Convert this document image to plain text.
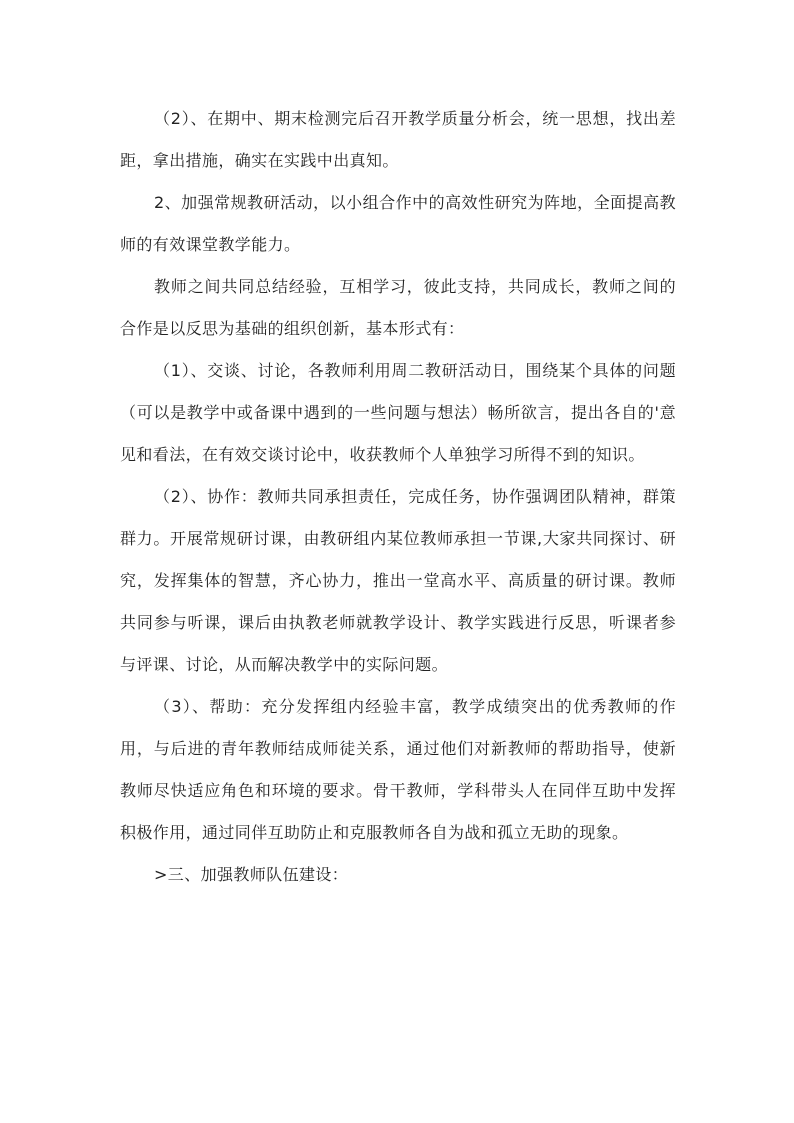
（2）、在期中、期末检测完后召开教学质量分析会，统一思想，找出差距，拿出措施，确实在实践中出真知。

2、加强常规教研活动，以小组合作中的高效性研究为阵地，全面提高教师的有效课堂教学能力。

教师之间共同总结经验，互相学习，彼此支持，共同成长，教师之间的合作是以反思为基础的组织创新，基本形式有：

（1）、交谈、讨论，各教师利用周二教研活动日，围绕某个具体的问题（可以是教学中或备课中遇到的一些问题与想法）畅所欲言，提出各自的'意见和看法，在有效交谈讨论中，收获教师个人单独学习所得不到的知识。

（2）、协作：教师共同承担责任，完成任务，协作强调团队精神，群策群力。开展常规研讨课，由教研组内某位教师承担一节课,大家共同探讨、研究，发挥集体的智慧，齐心协力，推出一堂高水平、高质量的研讨课。教师共同参与听课，课后由执教老师就教学设计、教学实践进行反思，听课者参与评课、讨论，从而解决教学中的实际问题。

（3）、帮助：充分发挥组内经验丰富，教学成绩突出的优秀教师的作用，与后进的青年教师结成师徒关系，通过他们对新教师的帮助指导，使新教师尽快适应角色和环境的要求。骨干教师，学科带头人在同伴互助中发挥积极作用，通过同伴互助防止和克服教师各自为战和孤立无助的现象。

>三、加强教师队伍建设：
